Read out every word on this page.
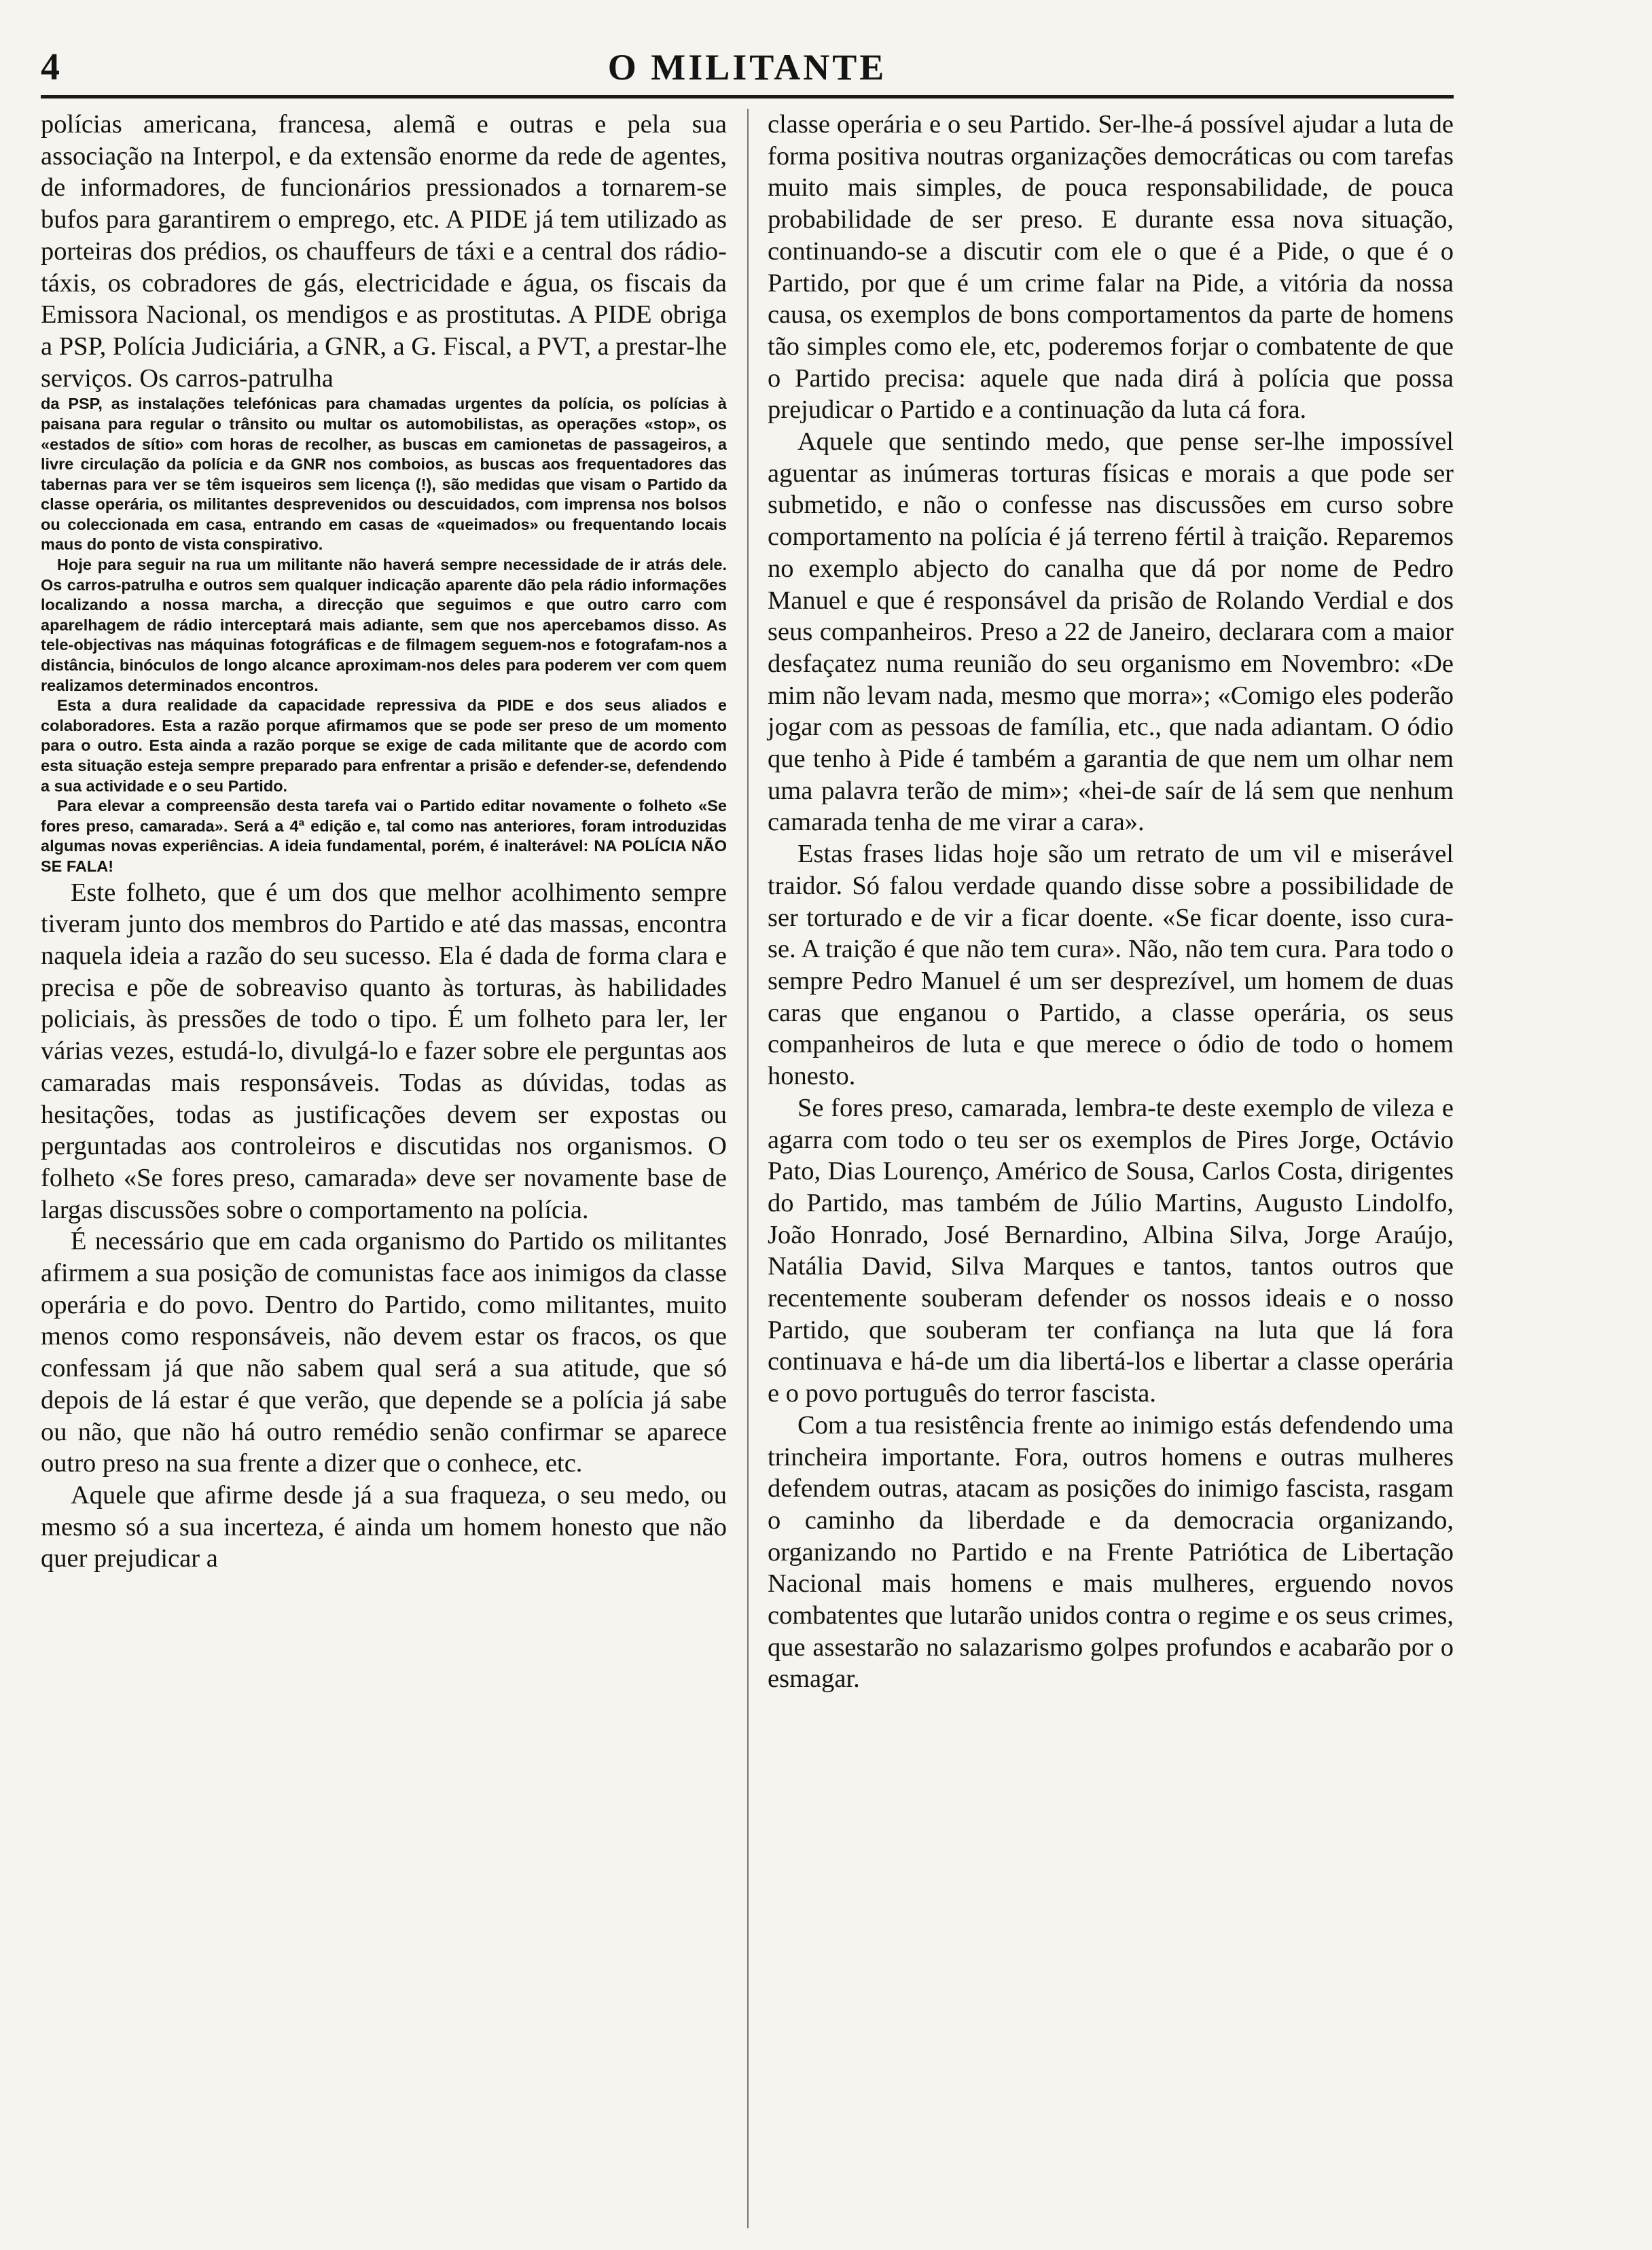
4	O MILITANTE

polícias americana, francesa, alemã e outras e pela sua associação na Interpol, e da extensão enorme da rede de agentes, de informadores, de funcionários pressionados a tornarem-se bufos para garantirem o emprego, etc. A PIDE já tem utilizado as porteiras dos prédios, os chauffeurs de táxi e a central dos rádio-táxis, os cobradores de gás, electricidade e água, os fiscais da Emissora Nacional, os mendigos e as prostitutas. A PIDE obriga a PSP, Polícia Judiciária, a GNR, a G. Fiscal, a PVT, a prestar-lhe serviços. Os carros-patrulha

da PSP, as instalações telefónicas para chamadas urgentes da polícia, os polícias à paisana para regular o trânsito ou multar os automobilistas, as operações «stop», os «estados de sítio» com horas de recolher, as buscas em camionetas de passageiros, a livre circulação da polícia e da GNR nos comboios, as buscas aos frequentadores das tabernas para ver se têm isqueiros sem licença (!), são medidas que visam o Partido da classe operária, os militantes desprevenidos ou descuidados, com imprensa nos bolsos ou coleccionada em casa, entrando em casas de «queimados» ou frequentando locais maus do ponto de vista conspirativo.

Hoje para seguir na rua um militante não haverá sempre necessidade de ir atrás dele. Os carros-patrulha e outros sem qualquer indicação aparente dão pela rádio informações localizando a nossa marcha, a direcção que seguimos e que outro carro com aparelhagem de rádio interceptará mais adiante, sem que nos apercebamos disso. As tele-objectivas nas máquinas fotográficas e de filmagem seguem-nos e fotografam-nos a distância, binóculos de longo alcance aproximam-nos deles para poderem ver com quem realizamos determinados encontros.

Esta a dura realidade da capacidade repressiva da PIDE e dos seus aliados e colaboradores. Esta a razão porque afirmamos que se pode ser preso de um momento para o outro. Esta ainda a razão porque se exige de cada militante que de acordo com esta situação esteja sempre preparado para enfrentar a prisão e defender-se, defendendo a sua actividade e o seu Partido.

Para elevar a compreensão desta tarefa vai o Partido editar novamente o folheto «Se fores preso, camarada». Será a 4ª edição e, tal como nas anteriores, foram introduzidas algumas novas experiências. A ideia fundamental, porém, é inalterável: NA POLÍCIA NÃO SE FALA!

Este folheto, que é um dos que melhor acolhimento sempre tiveram junto dos membros do Partido e até das massas, encontra naquela ideia a razão do seu sucesso. Ela é dada de forma clara e precisa e põe de sobreaviso quanto às torturas, às habilidades policiais, às pressões de todo o tipo. É um folheto para ler, ler várias vezes, estudá-lo, divulgá-lo e fazer sobre ele perguntas aos camaradas mais responsáveis. Todas as dúvidas, todas as hesitações, todas as justificações devem ser expostas ou perguntadas aos controleiros e discutidas nos organismos. O folheto «Se fores preso, camarada» deve ser novamente base de largas discussões sobre o comportamento na polícia.

É necessário que em cada organismo do Partido os militantes afirmem a sua posição de comunistas face aos inimigos da classe operária e do povo. Dentro do Partido, como militantes, muito menos como responsáveis, não devem estar os fracos, os que confessam já que não sabem qual será a sua atitude, que só depois de lá estar é que verão, que depende se a polícia já sabe ou não, que não há outro remédio senão confirmar se aparece outro preso na sua frente a dizer que o conhece, etc.

Aquele que afirme desde já a sua fraqueza, o seu medo, ou mesmo só a sua incerteza, é ainda um homem honesto que não quer prejudicar a

classe operária e o seu Partido. Ser-lhe-á possível ajudar a luta de forma positiva noutras organizações democráticas ou com tarefas muito mais simples, de pouca responsabilidade, de pouca probabilidade de ser preso. E durante essa nova situação, continuando-se a discutir com ele o que é a Pide, o que é o Partido, por que é um crime falar na Pide, a vitória da nossa causa, os exemplos de bons comportamentos da parte de homens tão simples como ele, etc, poderemos forjar o combatente de que o Partido precisa: aquele que nada dirá à polícia que possa prejudicar o Partido e a continuação da luta cá fora.

Aquele que sentindo medo, que pense ser-lhe impossível aguentar as inúmeras torturas físicas e morais a que pode ser submetido, e não o confesse nas discussões em curso sobre comportamento na polícia é já terreno fértil à traição. Reparemos no exemplo abjecto do canalha que dá por nome de Pedro Manuel e que é responsável da prisão de Rolando Verdial e dos seus companheiros. Preso a 22 de Janeiro, declarara com a maior desfaçatez numa reunião do seu organismo em Novembro: «De mim não levam nada, mesmo que morra»; «Comigo eles poderão jogar com as pessoas de família, etc., que nada adiantam. O ódio que tenho à Pide é também a garantia de que nem um olhar nem uma palavra terão de mim»; «hei-de saír de lá sem que nenhum camarada tenha de me virar a cara».

Estas frases lidas hoje são um retrato de um vil e miserável traidor. Só falou verdade quando disse sobre a possibilidade de ser torturado e de vir a ficar doente. «Se ficar doente, isso cura-se. A traição é que não tem cura». Não, não tem cura. Para todo o sempre Pedro Manuel é um ser desprezível, um homem de duas caras que enganou o Partido, a classe operária, os seus companheiros de luta e que merece o ódio de todo o homem honesto.

Se fores preso, camarada, lembra-te deste exemplo de vileza e agarra com todo o teu ser os exemplos de Pires Jorge, Octávio Pato, Dias Lourenço, Américo de Sousa, Carlos Costa, dirigentes do Partido, mas também de Júlio Martins, Augusto Lindolfo, João Honrado, José Bernardino, Albina Silva, Jorge Araújo, Natália David, Silva Marques e tantos, tantos outros que recentemente souberam defender os nossos ideais e o nosso Partido, que souberam ter confiança na luta que lá fora continuava e há-de um dia libertá-los e libertar a classe operária e o povo português do terror fascista.

Com a tua resistência frente ao inimigo estás defendendo uma trincheira importante. Fora, outros homens e outras mulheres defendem outras, atacam as posições do inimigo fascista, rasgam o caminho da liberdade e da democracia organizando, organizando no Partido e na Frente Patriótica de Libertação Nacional mais homens e mais mulheres, erguendo novos combatentes que lutarão unidos contra o regime e os seus crimes, que assestarão no salazarismo golpes profundos e acabarão por o esmagar.
